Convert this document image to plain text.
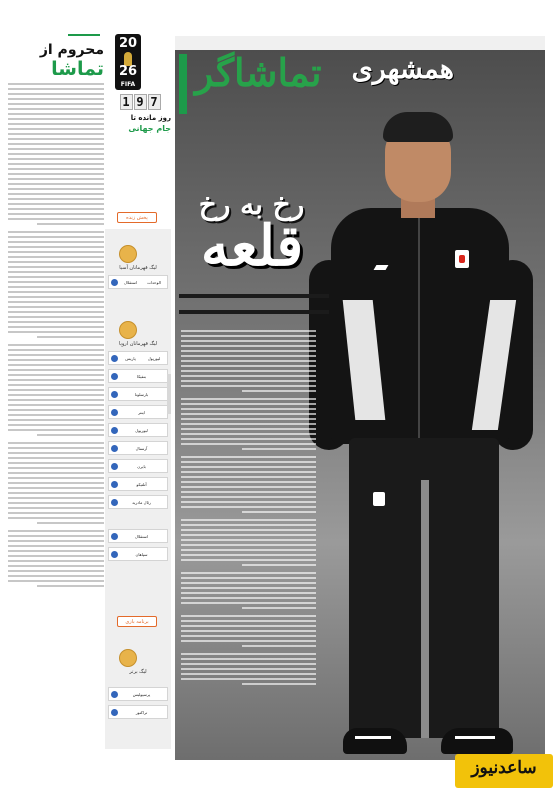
محروم از
تماشا
20
26
FIFA
1 9 7
روز مانده تا
جام جهانی
پخش زنده
لیگ قهرمانان آسیا
استقلال	الوحدات
لیگ قهرمانان اروپا
پاریس	لیورپول
بنفیکا
بارسلونا
اینتر
لیورپول
آرسنال
بایرن
آتلتیکو
رئال مادرید
استقلال
سپاهان
لیگ برتر
پرسپولیس
تراکتور
برنامه بازی
همشهری
تماشاگر
رخ به رخ
قلعه
ساعدنیوز
